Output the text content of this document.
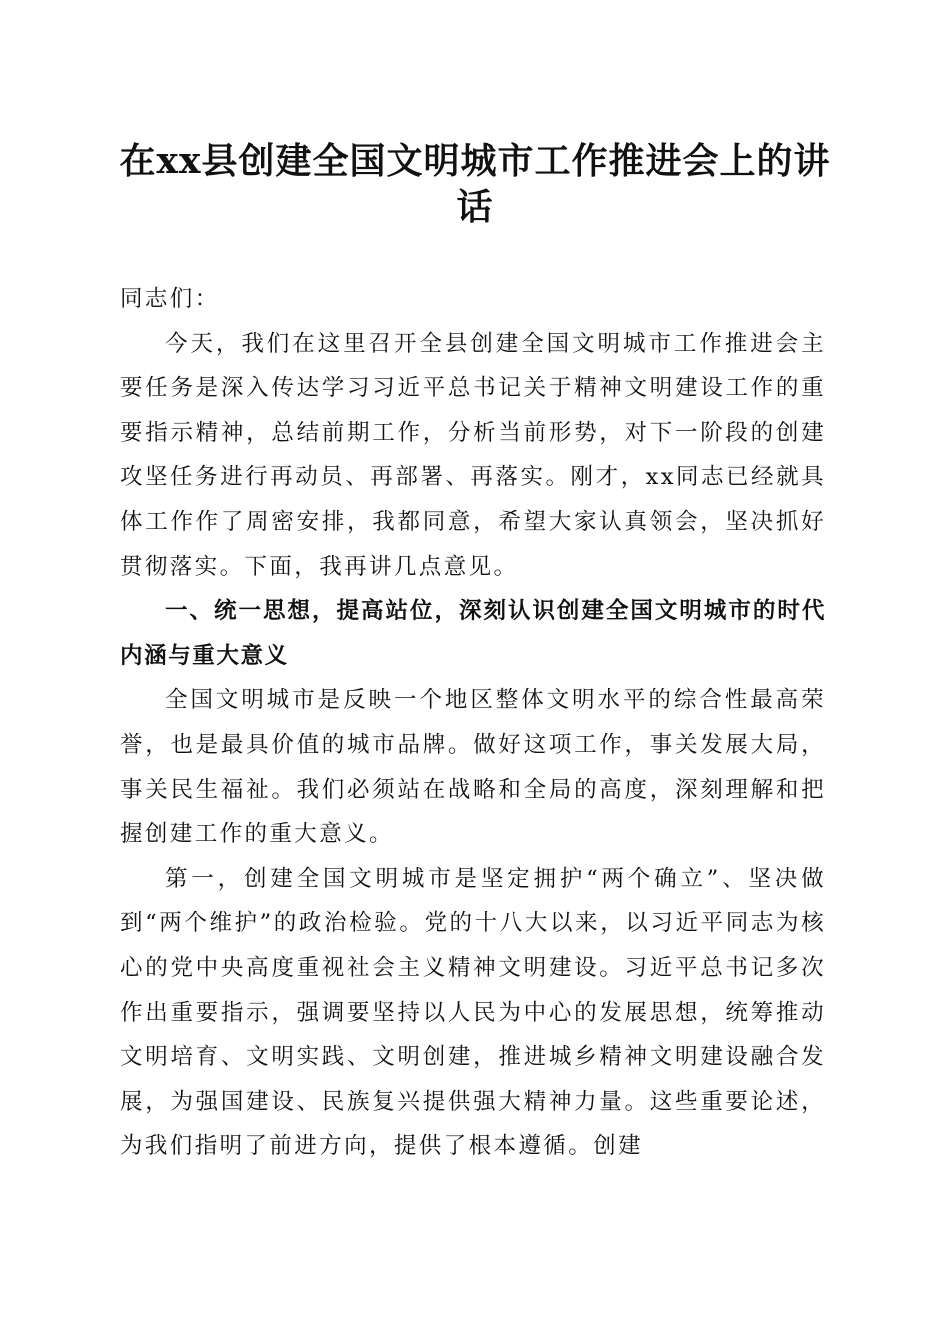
在xx县创建全国文明城市工作推进会上的讲话

同志们：

今天，我们在这里召开全县创建全国文明城市工作推进会主要任务是深入传达学习习近平总书记关于精神文明建设工作的重要指示精神，总结前期工作，分析当前形势，对下一阶段的创建攻坚任务进行再动员、再部署、再落实。刚才，xx同志已经就具体工作作了周密安排，我都同意，希望大家认真领会，坚决抓好贯彻落实。下面，我再讲几点意见。

一、统一思想，提高站位，深刻认识创建全国文明城市的时代内涵与重大意义

全国文明城市是反映一个地区整体文明水平的综合性最高荣誉，也是最具价值的城市品牌。做好这项工作，事关发展大局，事关民生福祉。我们必须站在战略和全局的高度，深刻理解和把握创建工作的重大意义。

第一，创建全国文明城市是坚定拥护“两个确立”、坚决做到“两个维护”的政治检验。党的十八大以来，以习近平同志为核心的党中央高度重视社会主义精神文明建设。习近平总书记多次作出重要指示，强调要坚持以人民为中心的发展思想，统筹推动文明培育、文明实践、文明创建，推进城乡精神文明建设融合发展，为强国建设、民族复兴提供强大精神力量。这些重要论述，为我们指明了前进方向，提供了根本遵循。创建
